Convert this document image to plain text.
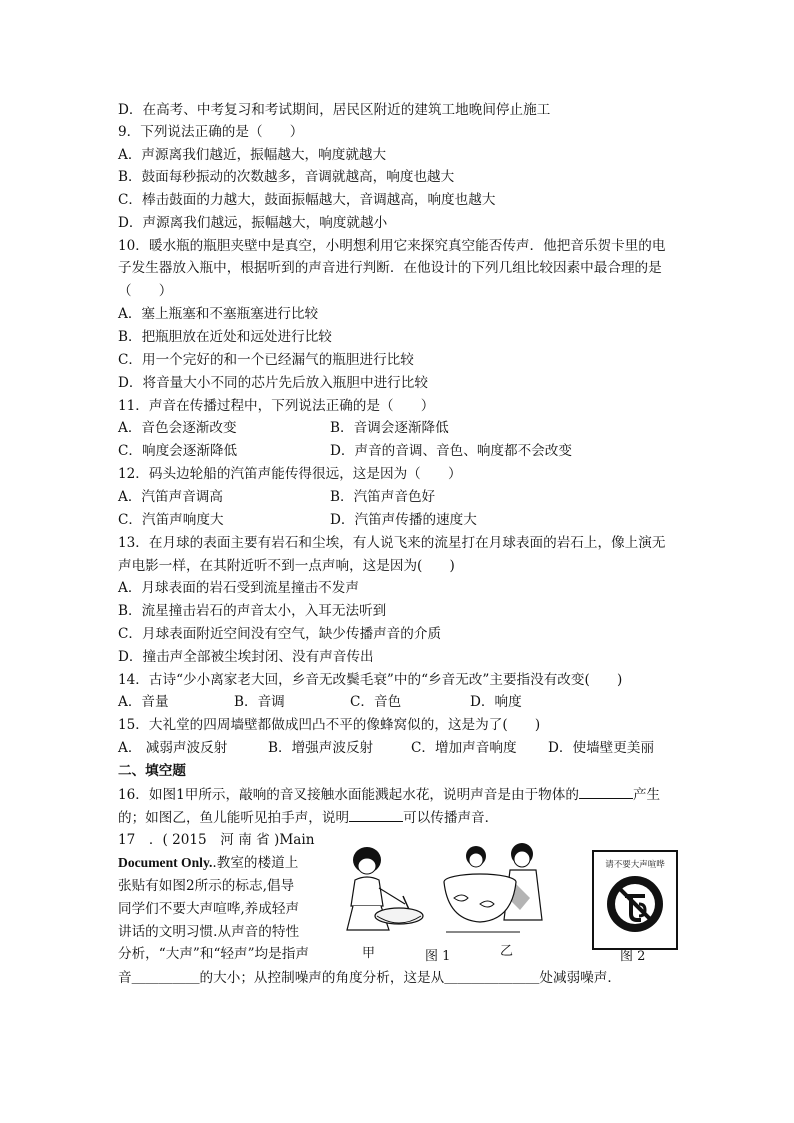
D．在高考、中考复习和考试期间，居民区附近的建筑工地晚间停止施工
9．下列说法正确的是（　　）
A．声源离我们越近，振幅越大，响度就越大
B．鼓面每秒振动的次数越多，音调就越高，响度也越大
C．棒击鼓面的力越大，鼓面振幅越大，音调越高，响度也越大
D．声源离我们越远，振幅越大，响度就越小
10．暖水瓶的瓶胆夹壁中是真空，小明想利用它来探究真空能否传声．他把音乐贺卡里的电
子发生器放入瓶中，根据听到的声音进行判断．在他设计的下列几组比较因素中最合理的是
（　　）
A．塞上瓶塞和不塞瓶塞进行比较
B．把瓶胆放在近处和远处进行比较
C．用一个完好的和一个已经漏气的瓶胆进行比较
D．将音量大小不同的芯片先后放入瓶胆中进行比较
11．声音在传播过程中，下列说法正确的是（　　）
A．音色会逐渐改变	B．音调会逐渐降低
C．响度会逐渐降低	D．声音的音调、音色、响度都不会改变
12．码头边轮船的汽笛声能传得很远，这是因为（　　）
A．汽笛声音调高	B．汽笛声音色好
C．汽笛声响度大	D．汽笛声传播的速度大
13．在月球的表面主要有岩石和尘埃，有人说飞来的流星打在月球表面的岩石上，像上演无
声电影一样，在其附近听不到一点声响，这是因为(　　)
A．月球表面的岩石受到流星撞击不发声
B．流星撞击岩石的声音太小，入耳无法听到
C．月球表面附近空间没有空气，缺少传播声音的介质
D．撞击声全部被尘埃封闭、没有声音传出
14．古诗“少小离家老大回，乡音无改鬓毛衰”中的“乡音无改”主要指没有改变(　　)
A．音量	B．音调	C．音色	D．响度
15．大礼堂的四周墙壁都做成凹凸不平的像蜂窝似的，这是为了(　　)
A． 减弱声波反射	B．增强声波反射	C．增加声音响度 D．使墙壁更美丽
二、填空题
16．如图1甲所示，敲响的音叉接触水面能溅起水花，说明声音是由于物体的	产生
的；如图乙，鱼儿能听见拍手声，说明	可以传播声音．
17　．( 2015　河 南 省 )Main
Document Only..教室的楼道上
张贴有如图2所示的标志,倡导
同学们不要大声喧哗,养成轻声
讲话的文明习惯.从声音的特性
分析，“大声”和“轻声”均是指声
音＿＿＿＿＿的大小；从控制噪声的角度分析，这是从＿＿＿＿＿＿＿处减弱噪声．
甲	乙
图 1
请不要大声喧哗
图 2
